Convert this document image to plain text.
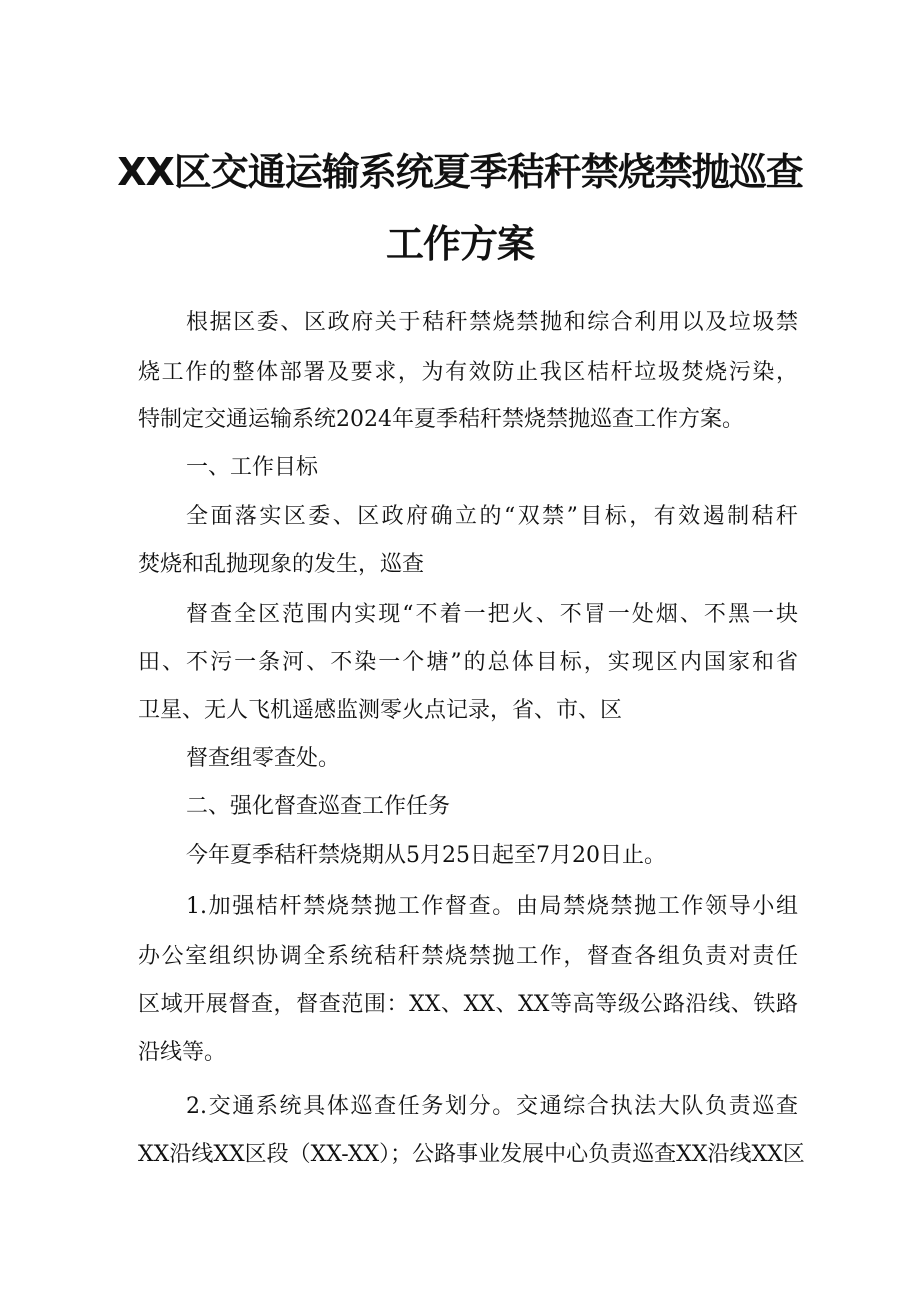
XX区交通运输系统夏季秸秆禁烧禁抛巡查
工作方案

根据区委、区政府关于秸秆禁烧禁抛和综合利用以及垃圾禁

烧工作的整体部署及要求，为有效防止我区桔杆垃圾焚烧污染，

特制定交通运输系统2024年夏季秸秆禁烧禁抛巡查工作方案。

一、工作目标

全面落实区委、区政府确立的“双禁”目标，有效遏制秸秆

焚烧和乱抛现象的发生，巡查

督查全区范围内实现“不着一把火、不冒一处烟、不黑一块

田、不污一条河、不染一个塘”的总体目标，实现区内国家和省

卫星、无人飞机遥感监测零火点记录，省、市、区

督查组零查处。

二、强化督查巡查工作任务

今年夏季秸秆禁烧期从5月25日起至7月20日止。

1.加强桔杆禁烧禁抛工作督查。由局禁烧禁抛工作领导小组

办公室组织协调全系统秸秆禁烧禁抛工作，督查各组负责对责任

区域开展督查，督查范围：XX、XX、XX等高等级公路沿线、铁路

沿线等。

2.交通系统具体巡查任务划分。交通综合执法大队负责巡查

XX沿线XX区段（XX-XX）；公路事业发展中心负责巡查XX沿线XX区
